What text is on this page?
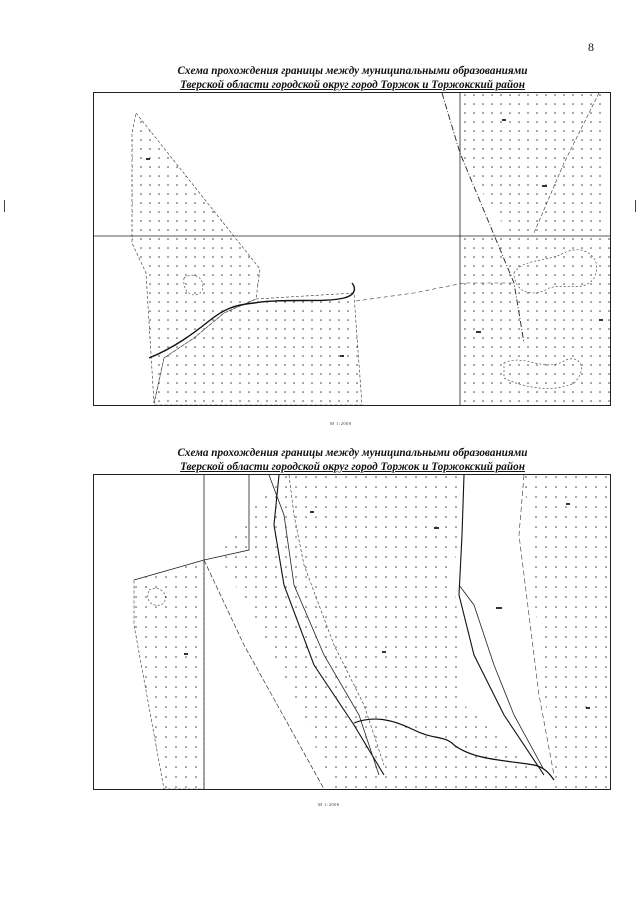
8
Схема прохождения границы между муниципальными образованиями
Тверской области городской округ город Торжок и Торжокский район
М 1:2000
Схема прохождения границы между муниципальными образованиями
Тверской области городской округ город Торжок и Торжокский район
М 1:2000
